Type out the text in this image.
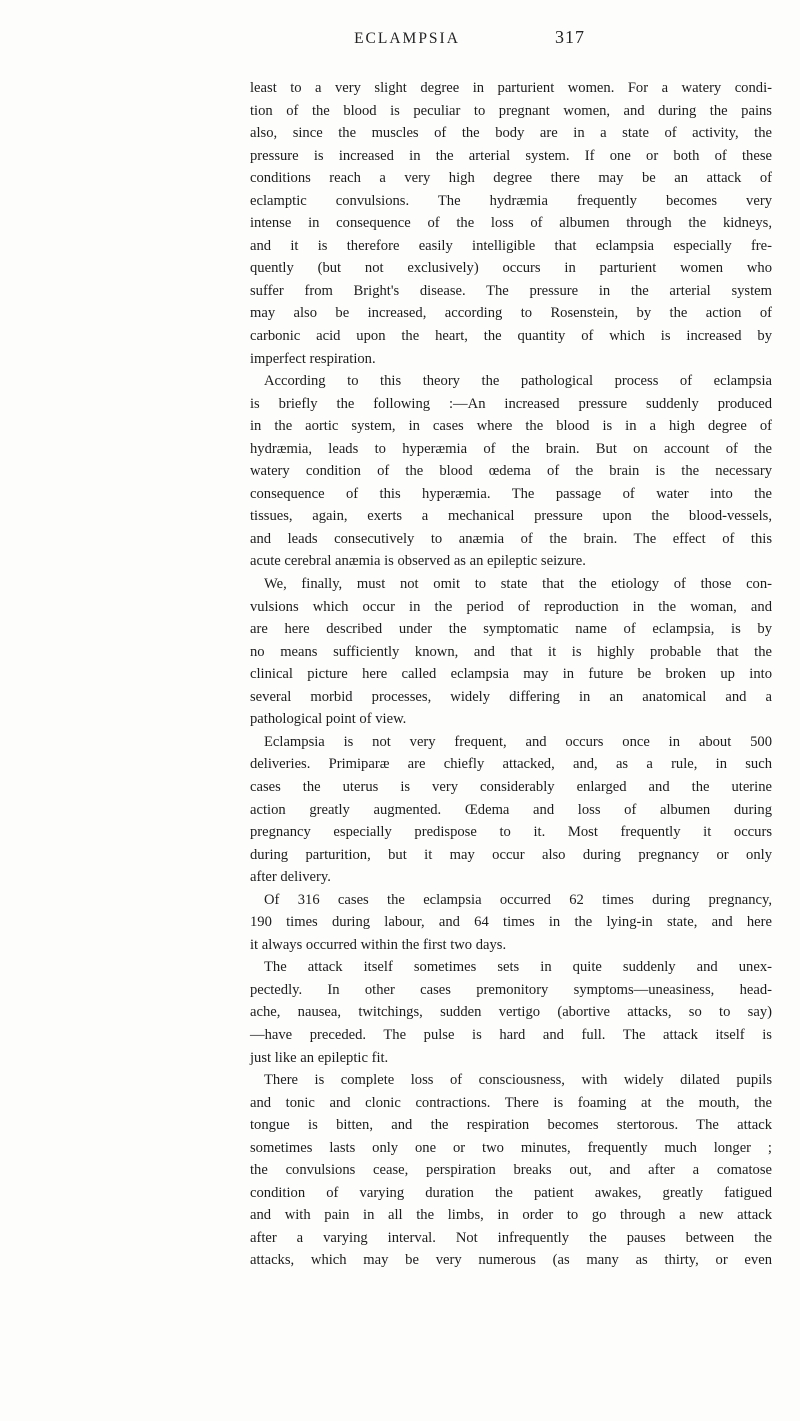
ECLAMPSIA	317
least to a very slight degree in parturient women. For a watery condi-
tion of the blood is peculiar to pregnant women, and during the pains
also, since the muscles of the body are in a state of activity, the
pressure is increased in the arterial system. If one or both of these
conditions reach a very high degree there may be an attack of
eclamptic convulsions. The hydræmia frequently becomes very
intense in consequence of the loss of albumen through the kidneys,
and it is therefore easily intelligible that eclampsia especially fre-
quently (but not exclusively) occurs in parturient women who
suffer from Bright's disease. The pressure in the arterial system
may also be increased, according to Rosenstein, by the action of
carbonic acid upon the heart, the quantity of which is increased by
imperfect respiration.
According to this theory the pathological process of eclampsia
is briefly the following :—An increased pressure suddenly produced
in the aortic system, in cases where the blood is in a high degree of
hydræmia, leads to hyperæmia of the brain. But on account of the
watery condition of the blood œdema of the brain is the necessary
consequence of this hyperæmia. The passage of water into the
tissues, again, exerts a mechanical pressure upon the blood-vessels,
and leads consecutively to anæmia of the brain. The effect of this
acute cerebral anæmia is observed as an epileptic seizure.
We, finally, must not omit to state that the etiology of those con-
vulsions which occur in the period of reproduction in the woman, and
are here described under the symptomatic name of eclampsia, is by
no means sufficiently known, and that it is highly probable that the
clinical picture here called eclampsia may in future be broken up into
several morbid processes, widely differing in an anatomical and a
pathological point of view.
Eclampsia is not very frequent, and occurs once in about 500
deliveries. Primiparæ are chiefly attacked, and, as a rule, in such
cases the uterus is very considerably enlarged and the uterine
action greatly augmented. Œdema and loss of albumen during
pregnancy especially predispose to it. Most frequently it occurs
during parturition, but it may occur also during pregnancy or only
after delivery.
Of 316 cases the eclampsia occurred 62 times during pregnancy,
190 times during labour, and 64 times in the lying-in state, and here
it always occurred within the first two days.
The attack itself sometimes sets in quite suddenly and unex-
pectedly. In other cases premonitory symptoms—uneasiness, head-
ache, nausea, twitchings, sudden vertigo (abortive attacks, so to say)
—have preceded. The pulse is hard and full. The attack itself is
just like an epileptic fit.
There is complete loss of consciousness, with widely dilated pupils
and tonic and clonic contractions. There is foaming at the mouth, the
tongue is bitten, and the respiration becomes stertorous. The attack
sometimes lasts only one or two minutes, frequently much longer ;
the convulsions cease, perspiration breaks out, and after a comatose
condition of varying duration the patient awakes, greatly fatigued
and with pain in all the limbs, in order to go through a new attack
after a varying interval. Not infrequently the pauses between the
attacks, which may be very numerous (as many as thirty, or even
